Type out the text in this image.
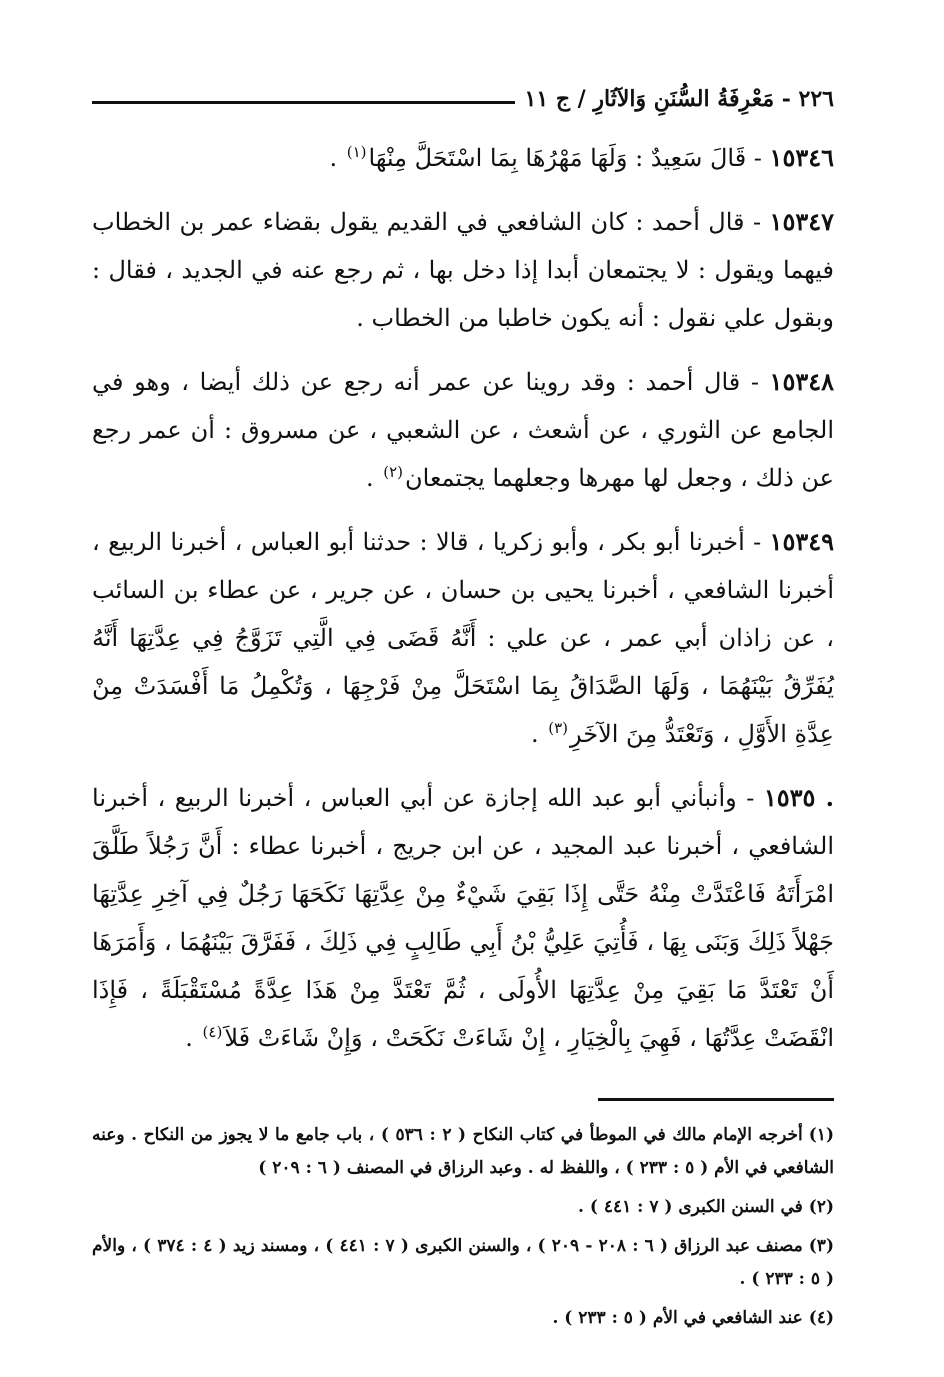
٢٢٦ - مَعْرِفَةُ السُّنَنِ وَالآثَارِ / ج ١١

١٥٣٤٦ - قَالَ سَعِيدٌ : وَلَهَا مَهْرُهَا بِمَا اسْتَحَلَّ مِنْهَا$^{(١)}$ .

١٥٣٤٧ - قال أحمد : كان الشافعي في القديم يقول بقضاء عمر بن الخطاب فيهما ويقول : لا يجتمعان أبدا إذا دخل بها ، ثم رجع عنه في الجديد ، فقال : وبقول علي نقول : أنه يكون خاطبا من الخطاب .

١٥٣٤٨ - قال أحمد : وقد روينا عن عمر أنه رجع عن ذلك أيضا ، وهو في الجامع عن الثوري ، عن أشعث ، عن الشعبي ، عن مسروق : أن عمر رجع عن ذلك ، وجعل لها مهرها وجعلهما يجتمعان$^{(٢)}$ .

١٥٣٤٩ - أخبرنا أبو بكر ، وأبو زكريا ، قالا : حدثنا أبو العباس ، أخبرنا الربيع ، أخبرنا الشافعي ، أخبرنا يحيى بن حسان ، عن جرير ، عن عطاء بن السائب ، عن زاذان أبي عمر ، عن علي : أَنَّهُ قَضَى فِي الَّتِي تَزَوَّجُ فِي عِدَّتِهَا أَنَّهُ يُفَرِّقُ بَيْنَهُمَا ، وَلَهَا الصَّدَاقُ بِمَا اسْتَحَلَّ مِنْ فَرْجِهَا ، وَتُكْمِلُ مَا أَفْسَدَتْ مِنْ عِدَّةِ الأَوَّلِ ، وَتَعْتَدُّ مِنَ الآخَرِ$^{(٣)}$ .

. ١٥٣٥ - وأنبأني أبو عبد الله إجازة عن أبي العباس ، أخبرنا الربيع ، أخبرنا الشافعي ، أخبرنا عبد المجيد ، عن ابن جريج ، أخبرنا عطاء : أَنَّ رَجُلاً طَلَّقَ امْرَأَتَهُ فَاعْتَدَّتْ مِنْهُ حَتَّى إِذَا بَقِيَ شَيْءٌ مِنْ عِدَّتِهَا نَكَحَهَا رَجُلٌ فِي آخِرِ عِدَّتِهَا جَهْلاً ذَلِكَ وَبَنَى بِهَا ، فَأُتِيَ عَلِيُّ بْنُ أَبِي طَالِبٍ فِي ذَلِكَ ، فَفَرَّقَ بَيْنَهُمَا ، وَأَمَرَهَا أَنْ تَعْتَدَّ مَا بَقِيَ مِنْ عِدَّتِهَا الأُولَى ، ثُمَّ تَعْتَدَّ مِنْ هَذَا عِدَّةً مُسْتَقْبَلَةً ، فَإِذَا انْقَضَتْ عِدَّتُهَا ، فَهِيَ بِالْخِيَارِ ، إِنْ شَاءَتْ نَكَحَتْ ، وَإِنْ شَاءَتْ فَلاَ$^{(٤)}$ .

(١)أخرجه الإمام مالك في الموطأ في كتاب النكاح ( ٢ : ٥٣٦ ) ، باب جامع ما لا يجوز من النكاح . وعنه الشافعي في الأم ( ٥ : ٢٣٣ ) ، واللفظ له . وعبد الرزاق في المصنف ( ٦ : ٢٠٩ )

(٢)في السنن الكبرى ( ٧ : ٤٤١ ) .

(٣)مصنف عبد الرزاق ( ٦ : ٢٠٨ - ٢٠٩ ) ، والسنن الكبرى ( ٧ : ٤٤١ ) ، ومسند زيد ( ٤ : ٣٧٤ ) ، والأم ( ٥ : ٢٣٣ ) .

(٤)عند الشافعي في الأم ( ٥ : ٢٣٣ ) .
